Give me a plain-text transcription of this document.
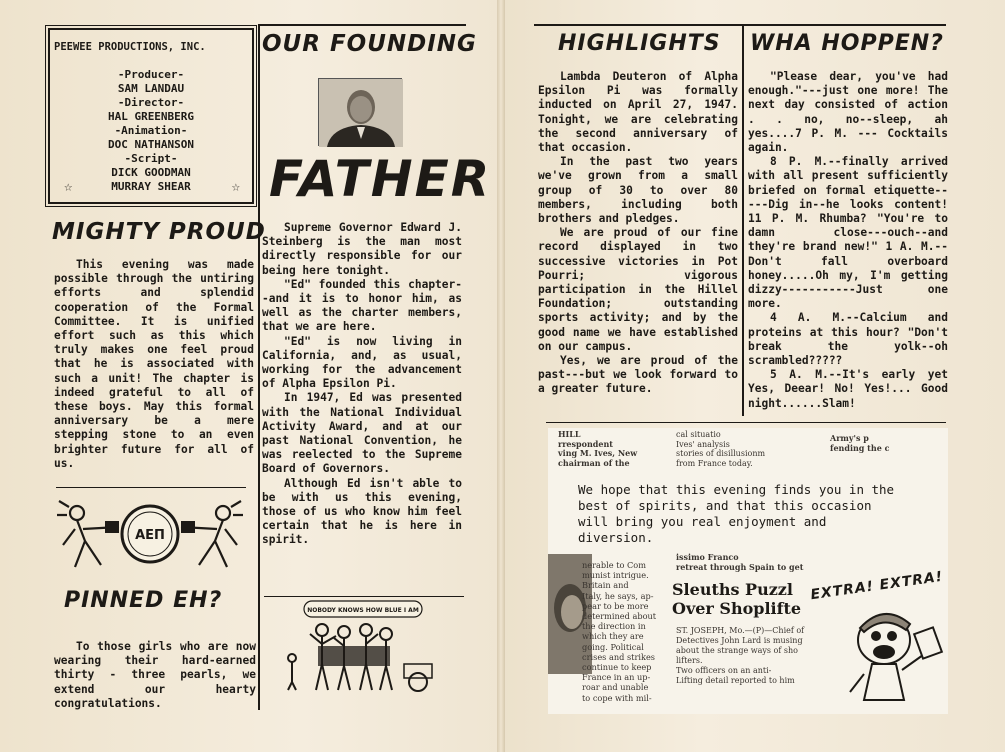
PEEWEE PRODUCTIONS, INC.
-Producer-
SAM LANDAU
-Director-
HAL GREENBERG
-Animation-
DOC NATHANSON
-Script-
DICK GOODMAN
MURRAY SHEAR
☆	☆
MIGHTY PROUD
This evening was made possible through the untiring efforts and splendid cooperation of the Formal Committee. It is unified effort such as this which truly makes one feel proud that he is associated with such a unit! The chapter is indeed grateful to all of these boys. May this formal anniversary be a mere stepping stone to an even brighter future for all of us.
AEΠ
PINNED EH?
To those girls who are now wearing their hard-earned thirty - three pearls, we extend our hearty congratulations.
OUR FOUNDING
FATHER

Supreme Governor Edward J. Steinberg is the man most directly responsible for our being here tonight.

"Ed" founded this chapter--and it is to honor him, as well as the charter members, that we are here.

"Ed" is now living in California, and, as usual, working for the advancement of Alpha Epsilon Pi.

In 1947, Ed was presented with the National Individual Activity Award, and at our past National Convention, he was reelected to the Supreme Board of Governors.

Although Ed isn't able to be with us this evening, those of us who know him feel certain that he is here in spirit.

NOBODY KNOWS HOW BLUE I AM
HIGHLIGHTS

Lambda Deuteron of Alpha Epsilon Pi was formally inducted on April 27, 1947. Tonight, we are celebrating the second anniversary of that occasion.

In the past two years we've grown from a small group of 30 to over 80 members, including both brothers and pledges.

We are proud of our fine record displayed in two successive victories in Pot Pourri; vigorous participation in the Hillel Foundation; outstanding sports activity; and by the good name we have established on our campus.

Yes, we are proud of the past---but we look forward to a greater future.

WHA HOPPEN?

"Please dear, you've had enough."---just one more! The next day consisted of action . . no, no--sleep, ah yes....7 P. M. --- Cocktails again.

8 P. M.--finally arrived with all present sufficiently briefed on formal etiquette-----Dig in--he looks content! 11 P. M. Rhumba? "You're to damn close---ouch--and they're brand new!" 1 A. M.--Don't fall overboard honey.....Oh my, I'm getting dizzy-----------Just one more.

4 A. M.--Calcium and proteins at this hour? "Don't break the yolk--oh scrambled?????

5 A. M.--It's early yet Yes, Deear! No! Yes!... Good night......Slam!

HILL
rrespondent
ving M. Ives, New
chairman of the
cal situatio
Ives' analysis
stories of disillusionm
from France today.
Army's p
fending the c
We hope that this evening finds you in the best of spirits, and that this occasion will bring you real enjoyment and diversion.
nerable to Com
munist intrigue.
Britain and
Italy, he says, ap-
pear to be more
determined about
the direction in
which they are
going. Political
crises and strikes
continue to keep
France in an up-
roar and unable
to cope with mil-
issimo Franco
retreat through Spain to get
Sleuths Puzzl Over Shoplifte
ST. JOSEPH, Mo.—(P)—Chief of
Detectives John Lard is musing
about the strange ways of sho
lifters.
Two officers on an anti-
Lifting detail reported to him
EXTRA! EXTRA!
